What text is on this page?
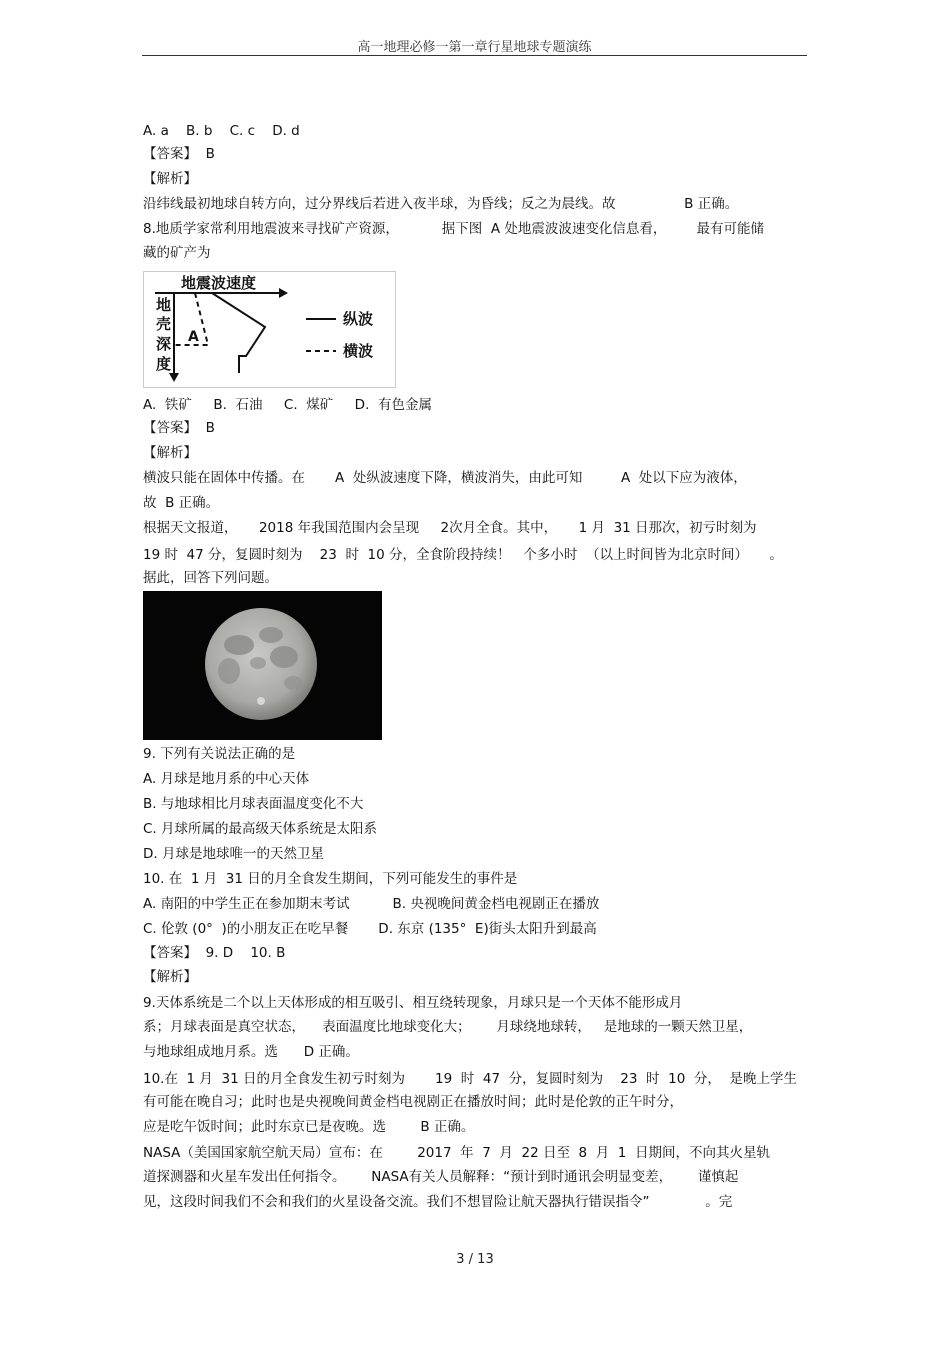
高一地理必修一第一章行星地球专题演练
A. a    B. b    C. c    D. d
【答案】  B
【解析】
沿纬线最初地球自转方向，过分界线后若进入夜半球，为昏线；反之为晨线。故                B 正确。
8.地质学家常利用地震波来寻找矿产资源，          据下图  A 处地震波波速变化信息看，       最有可能储
藏的矿产为
A.  铁矿     B.  石油     C.  煤矿     D.  有色金属
【答案】  B
【解析】
横波只能在固体中传播。在       A  处纵波速度下降，横波消失，由此可知         A  处以下应为液体，
故  B 正确。
根据天文报道，     2018 年我国范围内会呈现     2次月全食。其中，     1 月  31 日那次，初亏时刻为
19 时  47 分，复圆时刻为    23  时  10 分，全食阶段持续！   个多小时  （以上时间皆为北京时间）     。
据此，回答下列问题。
9. 下列有关说法正确的是
A. 月球是地月系的中心天体
B. 与地球相比月球表面温度变化不大
C. 月球所属的最高级天体系统是太阳系
D. 月球是地球唯一的天然卫星
10. 在  1 月  31 日的月全食发生期间，下列可能发生的事件是
A. 南阳的中学生正在参加期末考试          B. 央视晚间黄金档电视剧正在播放
C. 伦敦 (0°  )的小朋友正在吃早餐       D. 东京 (135°  E)街头太阳升到最高
【答案】  9. D    10. B
【解析】
9.天体系统是二个以上天体形成的相互吸引、相互绕转现象，月球只是一个天体不能形成月
系；月球表面是真空状态，    表面温度比地球变化大；      月球绕地球转，   是地球的一颗天然卫星，
与地球组成地月系。选      D 正确。
10.在  1 月  31 日的月全食发生初亏时刻为       19  时  47  分，复圆时刻为    23  时  10  分，  是晚上学生
有可能在晚自习；此时也是央视晚间黄金档电视剧正在播放时间；此时是伦敦的正午时分，
应是吃午饭时间；此时东京已是夜晚。选        B 正确。
NASA（美国国家航空航天局）宣布：在        2017  年  7  月  22 日至  8  月  1  日期间，不向其火星轨
道探测器和火星车发出任何指令。      NASA有关人员解释：“预计到时通讯会明显变差，      谨慎起
见，这段时间我们不会和我们的火星设备交流。我们不想冒险让航天器执行错误指令”             。完
地震波速度
地
壳
深
度
A
纵波
横波
3 / 13
